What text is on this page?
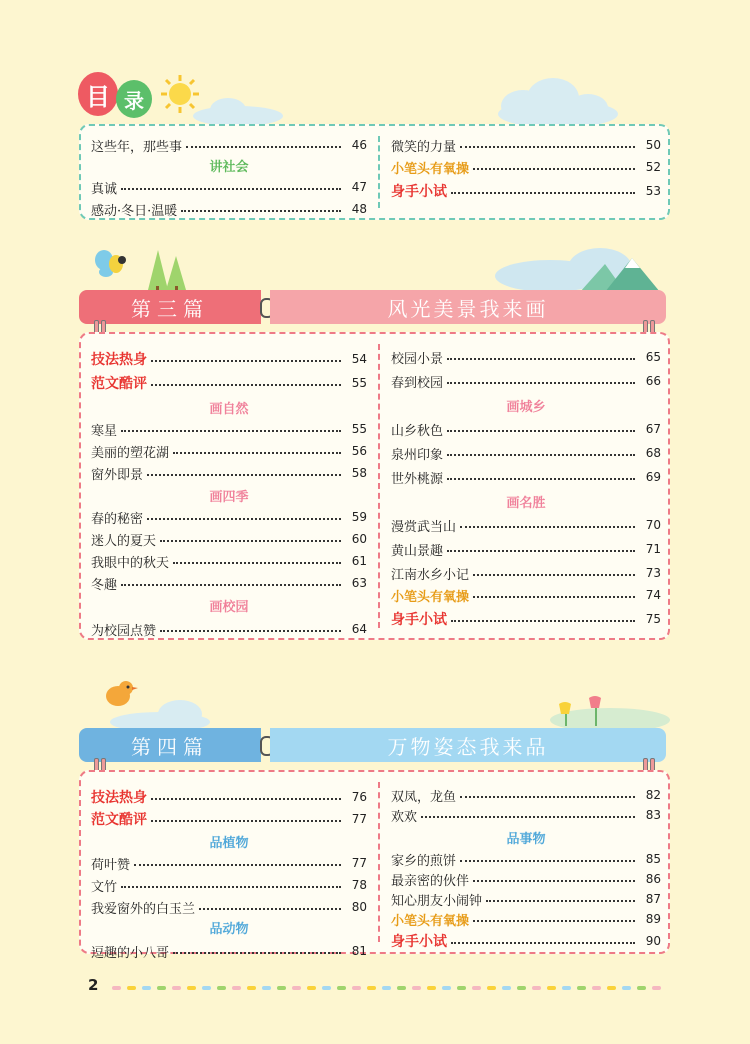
目 录
这些年，那些事	46
讲社会
真诚	47
感动·冬日·温暖	48
微笑的力量	50
小笔头有氧操	52
身手小试	53
第三篇	风光美景我来画
技法热身	54
范文酷评	55
画自然
寒星	55
美丽的塑花湖	56
窗外即景	58
画四季
春的秘密	59
迷人的夏天	60
我眼中的秋天	61
冬趣	63
画校园
为校园点赞	64
校园小景	65
春到校园	66
画城乡
山乡秋色	67
泉州印象	68
世外桃源	69
画名胜
漫赏武当山	70
黄山景趣	71
江南水乡小记	73
小笔头有氧操	74
身手小试	75
第四篇	万物姿态我来品
技法热身	76
范文酷评	77
品植物
荷叶赞	77
文竹	78
我爱窗外的白玉兰	80
品动物
逗趣的小八哥	81
双凤，龙鱼	82
欢欢	83
品事物
家乡的煎饼	85
最亲密的伙伴	86
知心朋友小闹钟	87
小笔头有氧操	89
身手小试	90
2
